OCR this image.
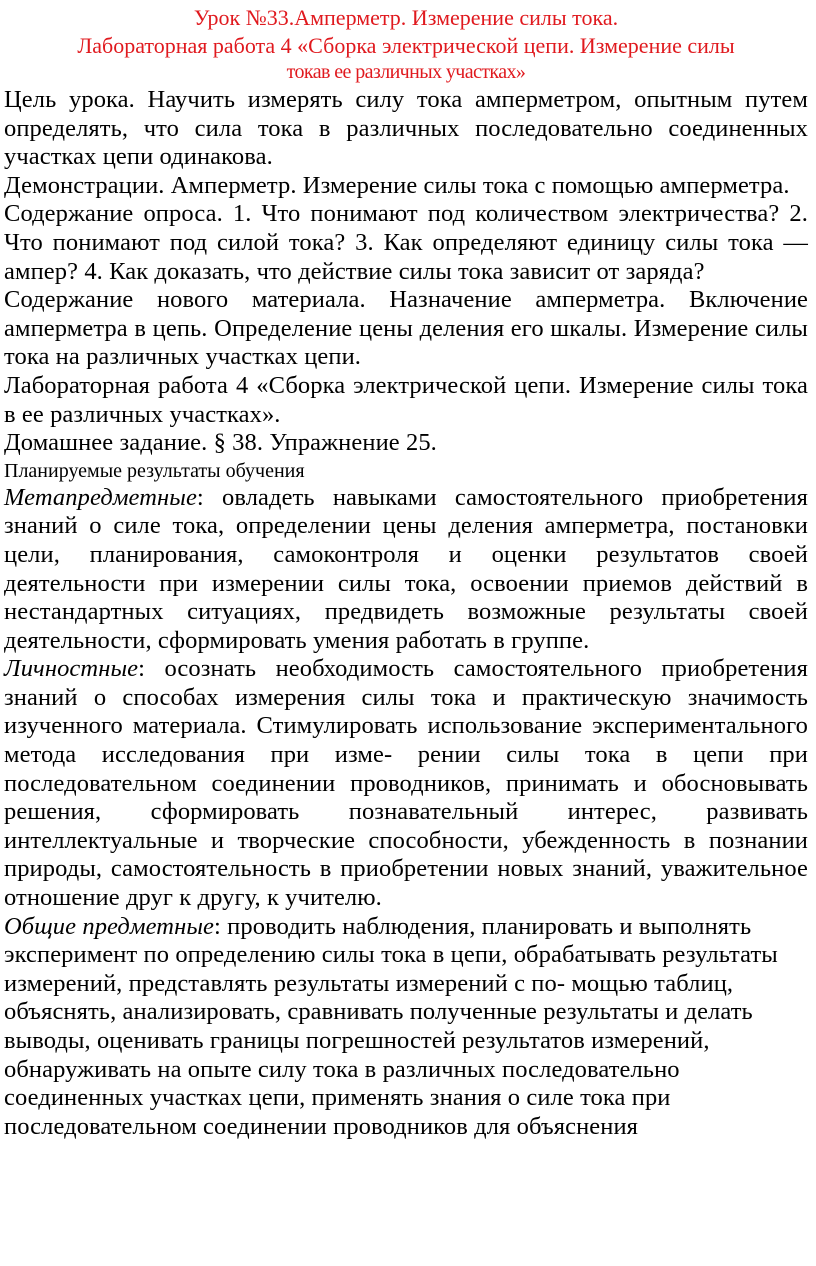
Урок №33.Амперметр. Измерение силы тока.

Лабораторная работа 4 «Сборка электрической цепи. Измерение силы

токав ее различных участках»

Цель урока. Научить измерять силу тока амперметром, опытным путем определять, что сила тока в различных последовательно соединенных участках цепи одинакова.

Демонстрации. Амперметр. Измерение силы тока с помощью амперметра.

Содержание опроса. 1. Что понимают под количеством электричества? 2. Что понимают под силой тока? 3. Как определяют единицу силы тока — ампер? 4. Как доказать, что действие силы тока зависит от заряда?

Содержание нового материала. Назначение амперметра. Включение амперметра в цепь. Определение цены деления его шкалы. Измерение силы тока на различных участках цепи.

Лабораторная работа 4 «Сборка электрической цепи. Измерение силы тока в ее различных участках».

Домашнее задание. § 38. Упражнение 25.

Планируемые результаты обучения

Метапредметные: овладеть навыками самостоятельного приобретения знаний о силе тока, определении цены деления амперметра, постановки цели, планирования, самоконтроля и оценки результатов своей деятельности при измерении силы тока, освоении приемов действий в нестандартных ситуациях, предвидеть возможные результаты своей деятельности, сформировать умения работать в группе.

Личностные: осознать необходимость самостоятельного приобретения знаний о способах измерения силы тока и практическую значимость изученного материала. Стимулировать использование экспериментального метода исследования при изме- рении силы тока в цепи при последовательном соединении проводников, принимать и обосновывать решения, сформировать познавательный интерес, развивать интеллектуальные и творческие способности, убежденность в познании природы, самостоятельность в приобретении новых знаний, уважительное отношение друг к другу, к учителю.

Общие предметные: проводить наблюдения, планировать и выполнять эксперимент по определению силы тока в цепи, обрабатывать результаты измерений, представлять результаты измерений с по- мощью таблиц, объяснять, анализировать, сравнивать полученные результаты и делать выводы, оценивать границы погрешностей результатов измерений, обнаруживать на опыте силу тока в различных последовательно соединенных участках цепи, применять знания о силе тока при последовательном соединении проводников для объяснения
